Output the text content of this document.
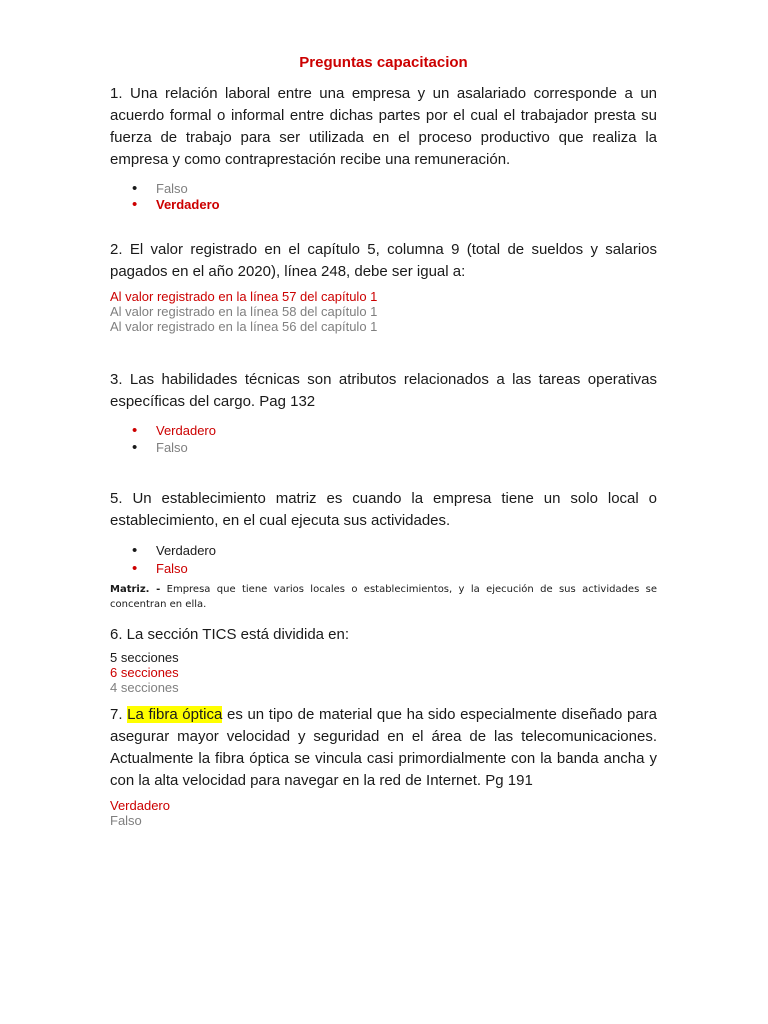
Preguntas capacitacion

1. Una relación laboral entre una empresa y un asalariado corresponde a un acuerdo formal o informal entre dichas partes por el cual el trabajador presta su fuerza de trabajo para ser utilizada en el proceso productivo que realiza la empresa y como contraprestación recibe una remuneración.

• Falso
• Verdadero

2. El valor registrado en el capítulo 5, columna 9 (total de sueldos y salarios pagados en el año 2020), línea 248, debe ser igual a:

Al valor registrado en la línea 57 del capítulo 1

Al valor registrado en la línea 58 del capítulo 1

Al valor registrado en la línea 56 del capítulo 1

3. Las habilidades técnicas son atributos relacionados a las tareas operativas específicas del cargo. Pag 132

• Verdadero
• Falso

5. Un establecimiento matriz es cuando la empresa tiene un solo local o establecimiento, en el cual ejecuta sus actividades.

• Verdadero
• Falso

Matriz. - Empresa que tiene varios locales o establecimientos, y la ejecución de sus actividades se concentran en ella.

6. La sección TICS está dividida en:

5 secciones

6 secciones

4 secciones

7. La fibra óptica es un tipo de material que ha sido especialmente diseñado para asegurar mayor velocidad y seguridad en el área de las telecomunicaciones. Actualmente la fibra óptica se vincula casi primordialmente con la banda ancha y con la alta velocidad para navegar en la red de Internet. Pg 191

Verdadero

Falso
